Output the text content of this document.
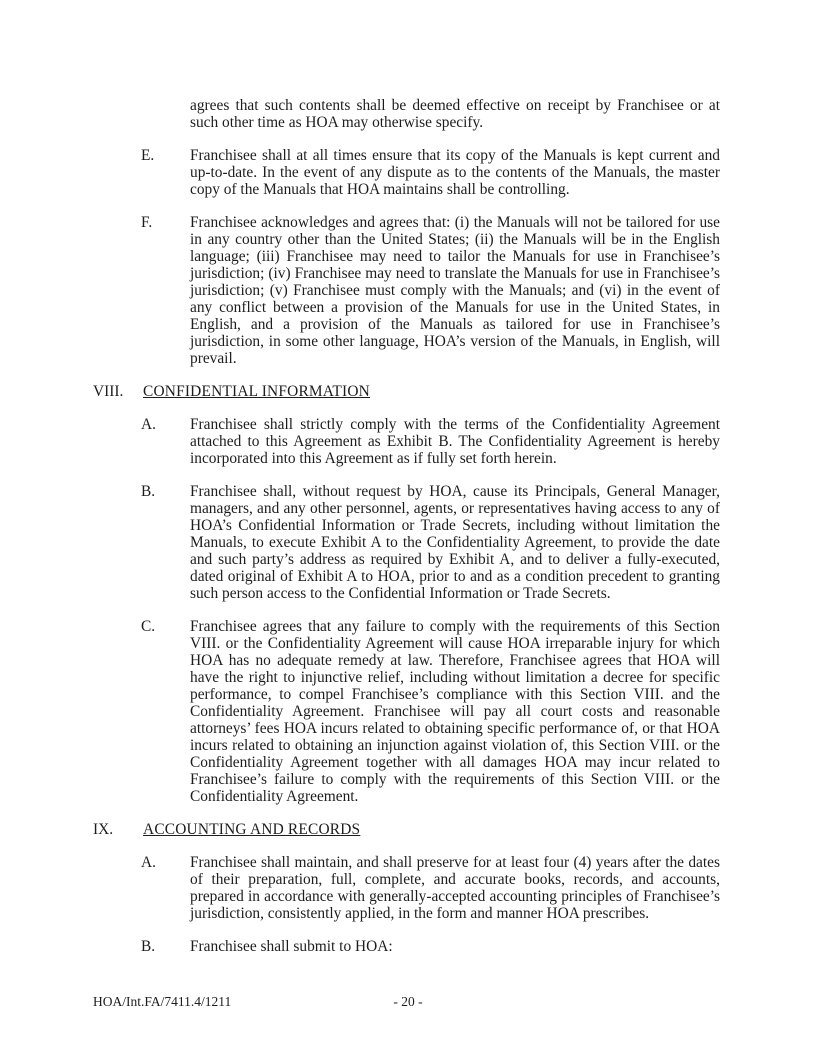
agrees that such contents shall be deemed effective on receipt by Franchisee or at such other time as HOA may otherwise specify.

E.	Franchisee shall at all times ensure that its copy of the Manuals is kept current and up-to-date. In the event of any dispute as to the contents of the Manuals, the master copy of the Manuals that HOA maintains shall be controlling.
F.	Franchisee acknowledges and agrees that: (i) the Manuals will not be tailored for use in any country other than the United States; (ii) the Manuals will be in the English language; (iii) Franchisee may need to tailor the Manuals for use in Franchisee’s jurisdiction; (iv) Franchisee may need to translate the Manuals for use in Franchisee’s jurisdiction; (v) Franchisee must comply with the Manuals; and (vi) in the event of any conflict between a provision of the Manuals for use in the United States, in English, and a provision of the Manuals as tailored for use in Franchisee’s jurisdiction, in some other language, HOA’s version of the Manuals, in English, will prevail.
VIII.	CONFIDENTIAL INFORMATION
A.	Franchisee shall strictly comply with the terms of the Confidentiality Agreement attached to this Agreement as Exhibit B. The Confidentiality Agreement is hereby incorporated into this Agreement as if fully set forth herein.
B.	Franchisee shall, without request by HOA, cause its Principals, General Manager, managers, and any other personnel, agents, or representatives having access to any of HOA’s Confidential Information or Trade Secrets, including without limitation the Manuals, to execute Exhibit A to the Confidentiality Agreement, to provide the date and such party’s address as required by Exhibit A, and to deliver a fully-executed, dated original of Exhibit A to HOA, prior to and as a condition precedent to granting such person access to the Confidential Information or Trade Secrets.
C.	Franchisee agrees that any failure to comply with the requirements of this Section VIII. or the Confidentiality Agreement will cause HOA irreparable injury for which HOA has no adequate remedy at law. Therefore, Franchisee agrees that HOA will have the right to injunctive relief, including without limitation a decree for specific performance, to compel Franchisee’s compliance with this Section VIII. and the Confidentiality Agreement. Franchisee will pay all court costs and reasonable attorneys’ fees HOA incurs related to obtaining specific performance of, or that HOA incurs related to obtaining an injunction against violation of, this Section VIII. or the Confidentiality Agreement together with all damages HOA may incur related to Franchisee’s failure to comply with the requirements of this Section VIII. or the Confidentiality Agreement.
IX.	ACCOUNTING AND RECORDS
A.	Franchisee shall maintain, and shall preserve for at least four (4) years after the dates of their preparation, full, complete, and accurate books, records, and accounts, prepared in accordance with generally-accepted accounting principles of Franchisee’s jurisdiction, consistently applied, in the form and manner HOA prescribes.
B.	Franchisee shall submit to HOA:
HOA/Int.FA/7411.4/1211	- 20 -
